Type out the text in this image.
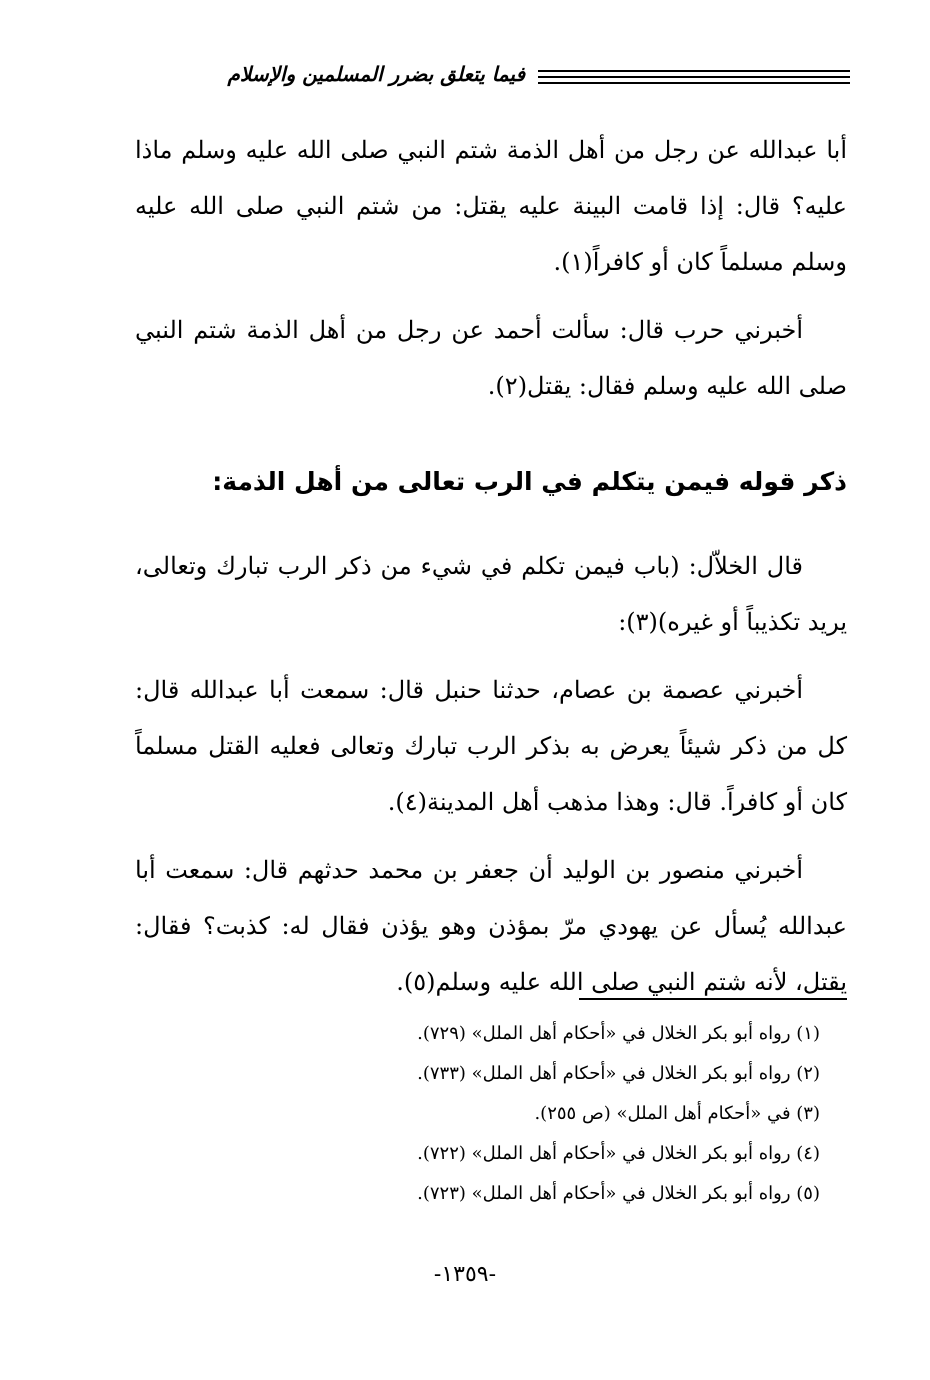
فيما يتعلق بضرر المسلمين والإسلام

أبا عبدالله عن رجل من أهل الذمة شتم النبي صلى الله عليه وسلم ماذا عليه؟ قال: إذا قامت البينة عليه يقتل: من شتم النبي صلى الله عليه وسلم مسلماً كان أو كافراً(١).

أخبرني حرب قال: سألت أحمد عن رجل من أهل الذمة شتم النبي صلى الله عليه وسلم فقال: يقتل(٢).

ذكر قوله فيمن يتكلم في الرب تعالى من أهل الذمة:

قال الخلاّل: (باب فيمن تكلم في شيء من ذكر الرب تبارك وتعالى، يريد تكذيباً أو غيره)(٣):

أخبرني عصمة بن عصام، حدثنا حنبل قال: سمعت أبا عبدالله قال: كل من ذكر شيئاً يعرض به بذكر الرب تبارك وتعالى فعليه القتل مسلماً كان أو كافراً. قال: وهذا مذهب أهل المدينة(٤).

أخبرني منصور بن الوليد أن جعفر بن محمد حدثهم قال: سمعت أبا عبدالله يُسأل عن يهودي مرّ بمؤذن وهو يؤذن فقال له: كذبت؟ فقال: يقتل، لأنه شتم النبي صلى الله عليه وسلم(٥).

(١) رواه أبو بكر الخلال في «أحكام أهل الملل» (٧٢٩).
(٢) رواه أبو بكر الخلال في «أحكام أهل الملل» (٧٣٣).
(٣) في «أحكام أهل الملل» (ص ٢٥٥).
(٤) رواه أبو بكر الخلال في «أحكام أهل الملل» (٧٢٢).
(٥) رواه أبو بكر الخلال في «أحكام أهل الملل» (٧٢٣).
-١٣٥٩-
